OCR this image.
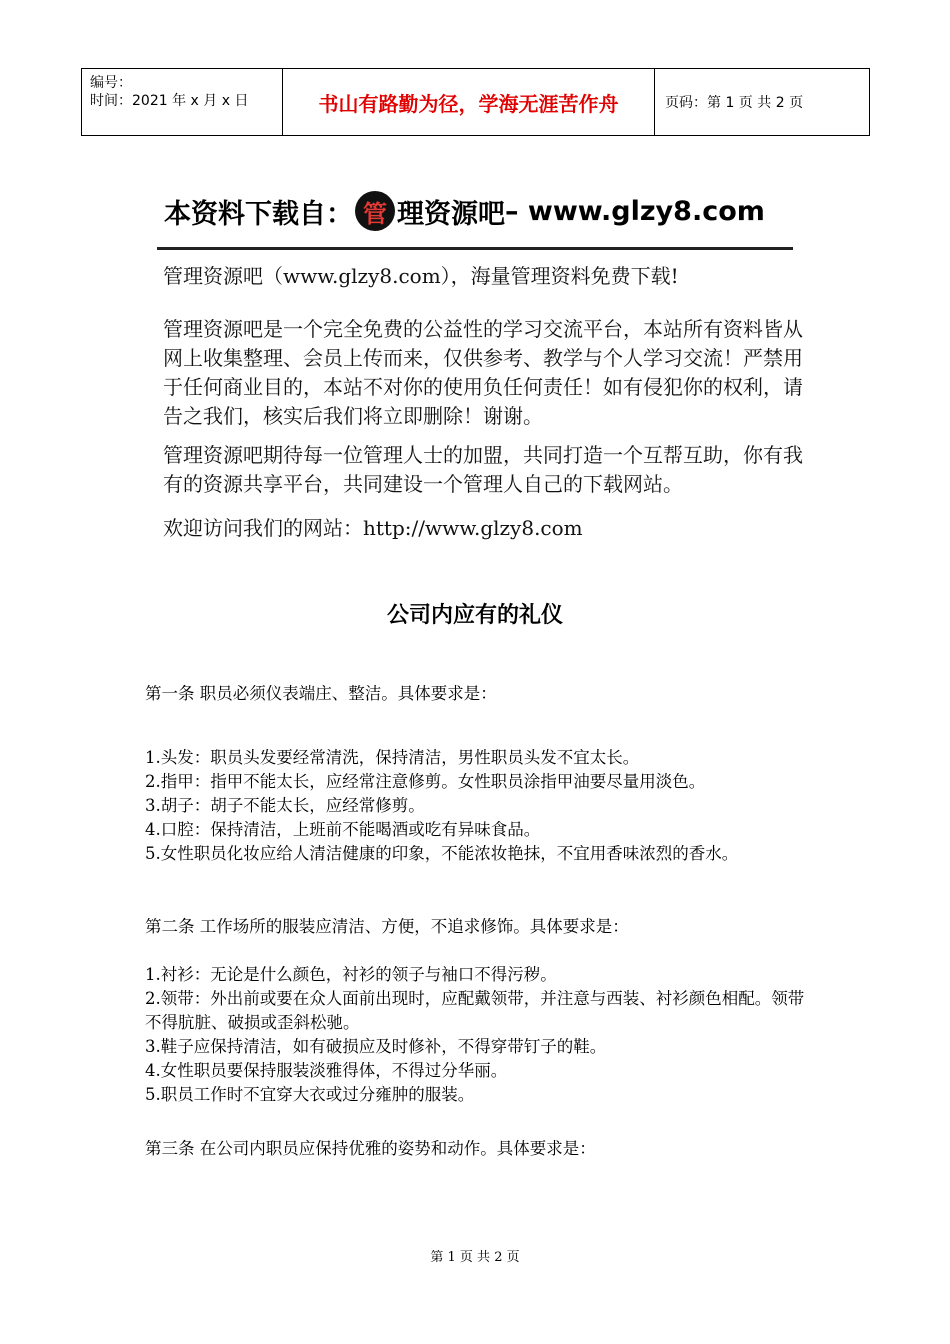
编号：
时间：2021 年 x 月 x 日	书山有路勤为径，学海无涯苦作舟	页码：第 1 页 共 2 页
本资料下载自： 管 理资源吧 – www.glzy8.com
管理资源吧（www.glzy8.com），海量管理资料免费下载!
管理资源吧是一个完全免费的公益性的学习交流平台，本站所有资料皆从网上收集整理、会员上传而来，仅供参考、教学与个人学习交流！严禁用于任何商业目的，本站不对你的使用负任何责任！如有侵犯你的权利，请告之我们，核实后我们将立即删除！谢谢。
管理资源吧期待每一位管理人士的加盟，共同打造一个互帮互助，你有我有的资源共享平台，共同建设一个管理人自己的下载网站。
欢迎访问我们的网站：http://www.glzy8.com
公司内应有的礼仪
第一条 职员必须仪表端庄、整洁。具体要求是：

1.头发：职员头发要经常清洗，保持清洁，男性职员头发不宜太长。

2.指甲：指甲不能太长，应经常注意修剪。女性职员涂指甲油要尽量用淡色。

3.胡子：胡子不能太长，应经常修剪。

4.口腔：保持清洁，上班前不能喝酒或吃有异味食品。

5.女性职员化妆应给人清洁健康的印象，不能浓妆艳抹，不宜用香味浓烈的香水。

第二条 工作场所的服装应清洁、方便，不追求修饰。具体要求是：

1.衬衫：无论是什么颜色，衬衫的领子与袖口不得污秽。

2.领带：外出前或要在众人面前出现时，应配戴领带，并注意与西装、衬衫颜色相配。领带不得肮脏、破损或歪斜松驰。

3.鞋子应保持清洁，如有破损应及时修补，不得穿带钉子的鞋。

4.女性职员要保持服装淡雅得体，不得过分华丽。

5.职员工作时不宜穿大衣或过分雍肿的服装。

第三条 在公司内职员应保持优雅的姿势和动作。具体要求是：
第 1 页 共 2 页
